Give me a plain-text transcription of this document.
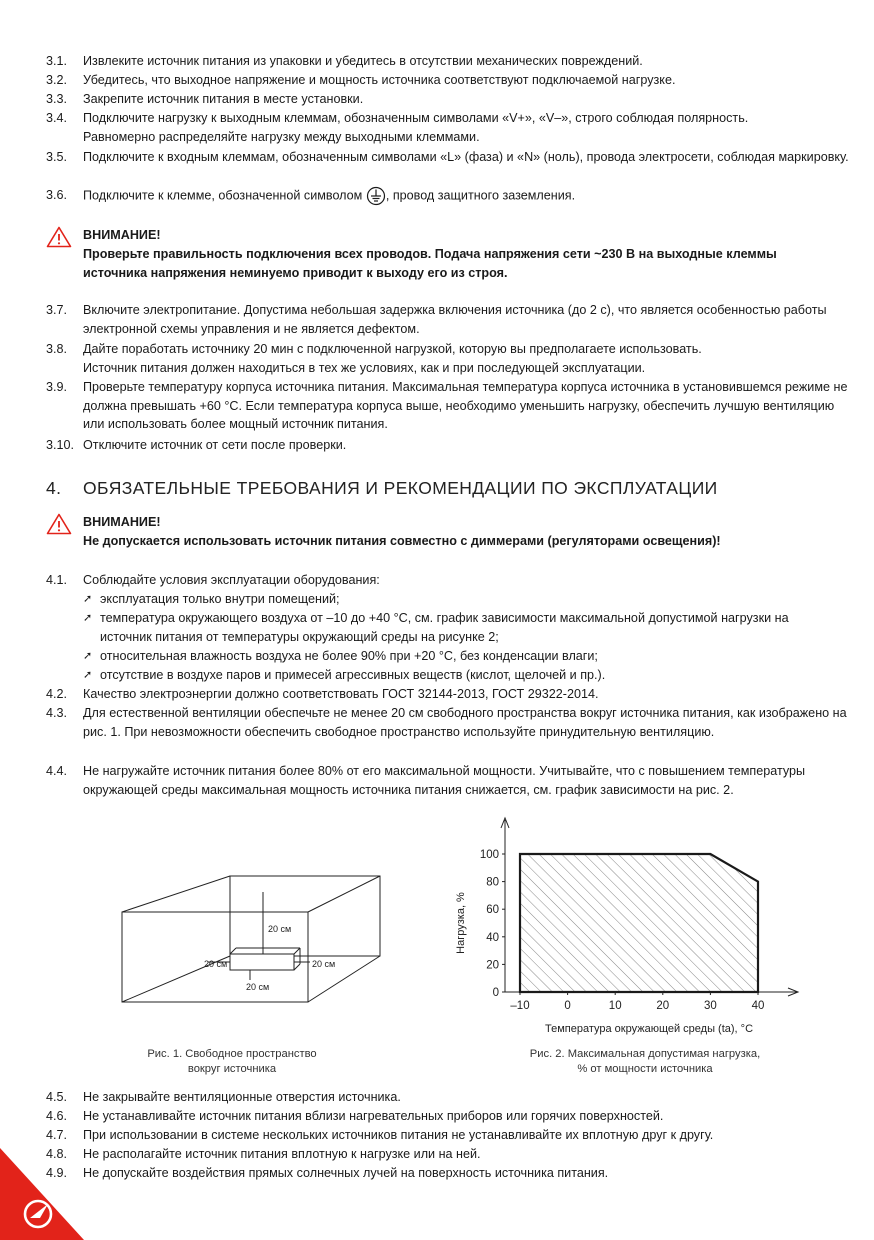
3.1. Извлеките источник питания из упаковки и убедитесь в отсутствии механических повреждений.
3.2. Убедитесь, что выходное напряжение и мощность источника соответствуют подключаемой нагрузке.
3.3. Закрепите источник питания в месте установки.
3.4. Подключите нагрузку к выходным клеммам, обозначенным символами «V+», «V–», строго соблюдая полярность.
Равномерно распределяйте нагрузку между выходными клеммами.
3.5. Подключите к входным клеммам, обозначенным символами «L» (фаза) и «N» (ноль), провода электросети, соблюдая маркировку.
3.6. Подключите к клемме, обозначенной символом , провод защитного заземления.
ВНИМАНИЕ!
Проверьте правильность подключения всех проводов. Подача напряжения сети ~230 В на выходные клеммы источника напряжения неминуемо приводит к выходу его из строя.
3.7. Включите электропитание. Допустима небольшая задержка включения источника (до 2 с), что является особенностью работы электронной схемы управления и не является дефектом.
3.8. Дайте поработать источнику 20 мин с подключенной нагрузкой, которую вы предполагаете использовать.
Источник питания должен находиться в тех же условиях, как и при последующей эксплуатации.
3.9. Проверьте температуру корпуса источника питания. Максимальная температура корпуса источника в установившемся режиме не должна превышать +60 °С. Если температура корпуса выше, необходимо уменьшить нагрузку, обеспечить лучшую вентиляцию или использовать более мощный источник питания.
3.10. Отключите источник от сети после проверки.
4. ОБЯЗАТЕЛЬНЫЕ ТРЕБОВАНИЯ И РЕКОМЕНДАЦИИ ПО ЭКСПЛУАТАЦИИ
ВНИМАНИЕ!
Не допускается использовать источник питания совместно с диммерами (регуляторами освещения)!
4.1. Соблюдайте условия эксплуатации оборудования:
➚ эксплуатация только внутри помещений;
➚ температура окружающего воздуха от –10 до +40 °С, см. график зависимости максимальной допустимой нагрузки на источник питания от температуры окружающий среды на рисунке 2;
➚ относительная влажность воздуха не более 90% при +20 °С, без конденсации влаги;
➚ отсутствие в воздухе паров и примесей агрессивных веществ (кислот, щелочей и пр.).
4.2. Качество электроэнергии должно соответствовать ГОСТ 32144-2013, ГОСТ 29322-2014.
4.3. Для естественной вентиляции обеспечьте не менее 20 см свободного пространства вокруг источника питания, как изображено на рис. 1. При невозможности обеспечить свободное пространство используйте принудительную вентиляцию.
4.4. Не нагружайте источник питания более 80% от его максимальной мощности. Учитывайте, что с повышением температуры окружающей среды максимальная мощность источника питания снижается, см. график зависимости на рис. 2.
20 см
20 см	20 см
20 см
Рис. 1. Свободное пространство
вокруг источника
0
20
40
60
80
100
–10	0	10	20	30	40
Нагрузка, %
Температура окружающей среды (ta), °С
Рис. 2. Максимальная допустимая нагрузка,
% от мощности источника
4.5. Не закрывайте вентиляционные отверстия источника.
4.6. Не устанавливайте источник питания вблизи нагревательных приборов или горячих поверхностей.
4.7. При использовании в системе нескольких источников питания не устанавливайте их вплотную друг к другу.
4.8. Не располагайте источник питания вплотную к нагрузке или на ней.
4.9. Не допускайте воздействия прямых солнечных лучей на поверхность источника питания.
